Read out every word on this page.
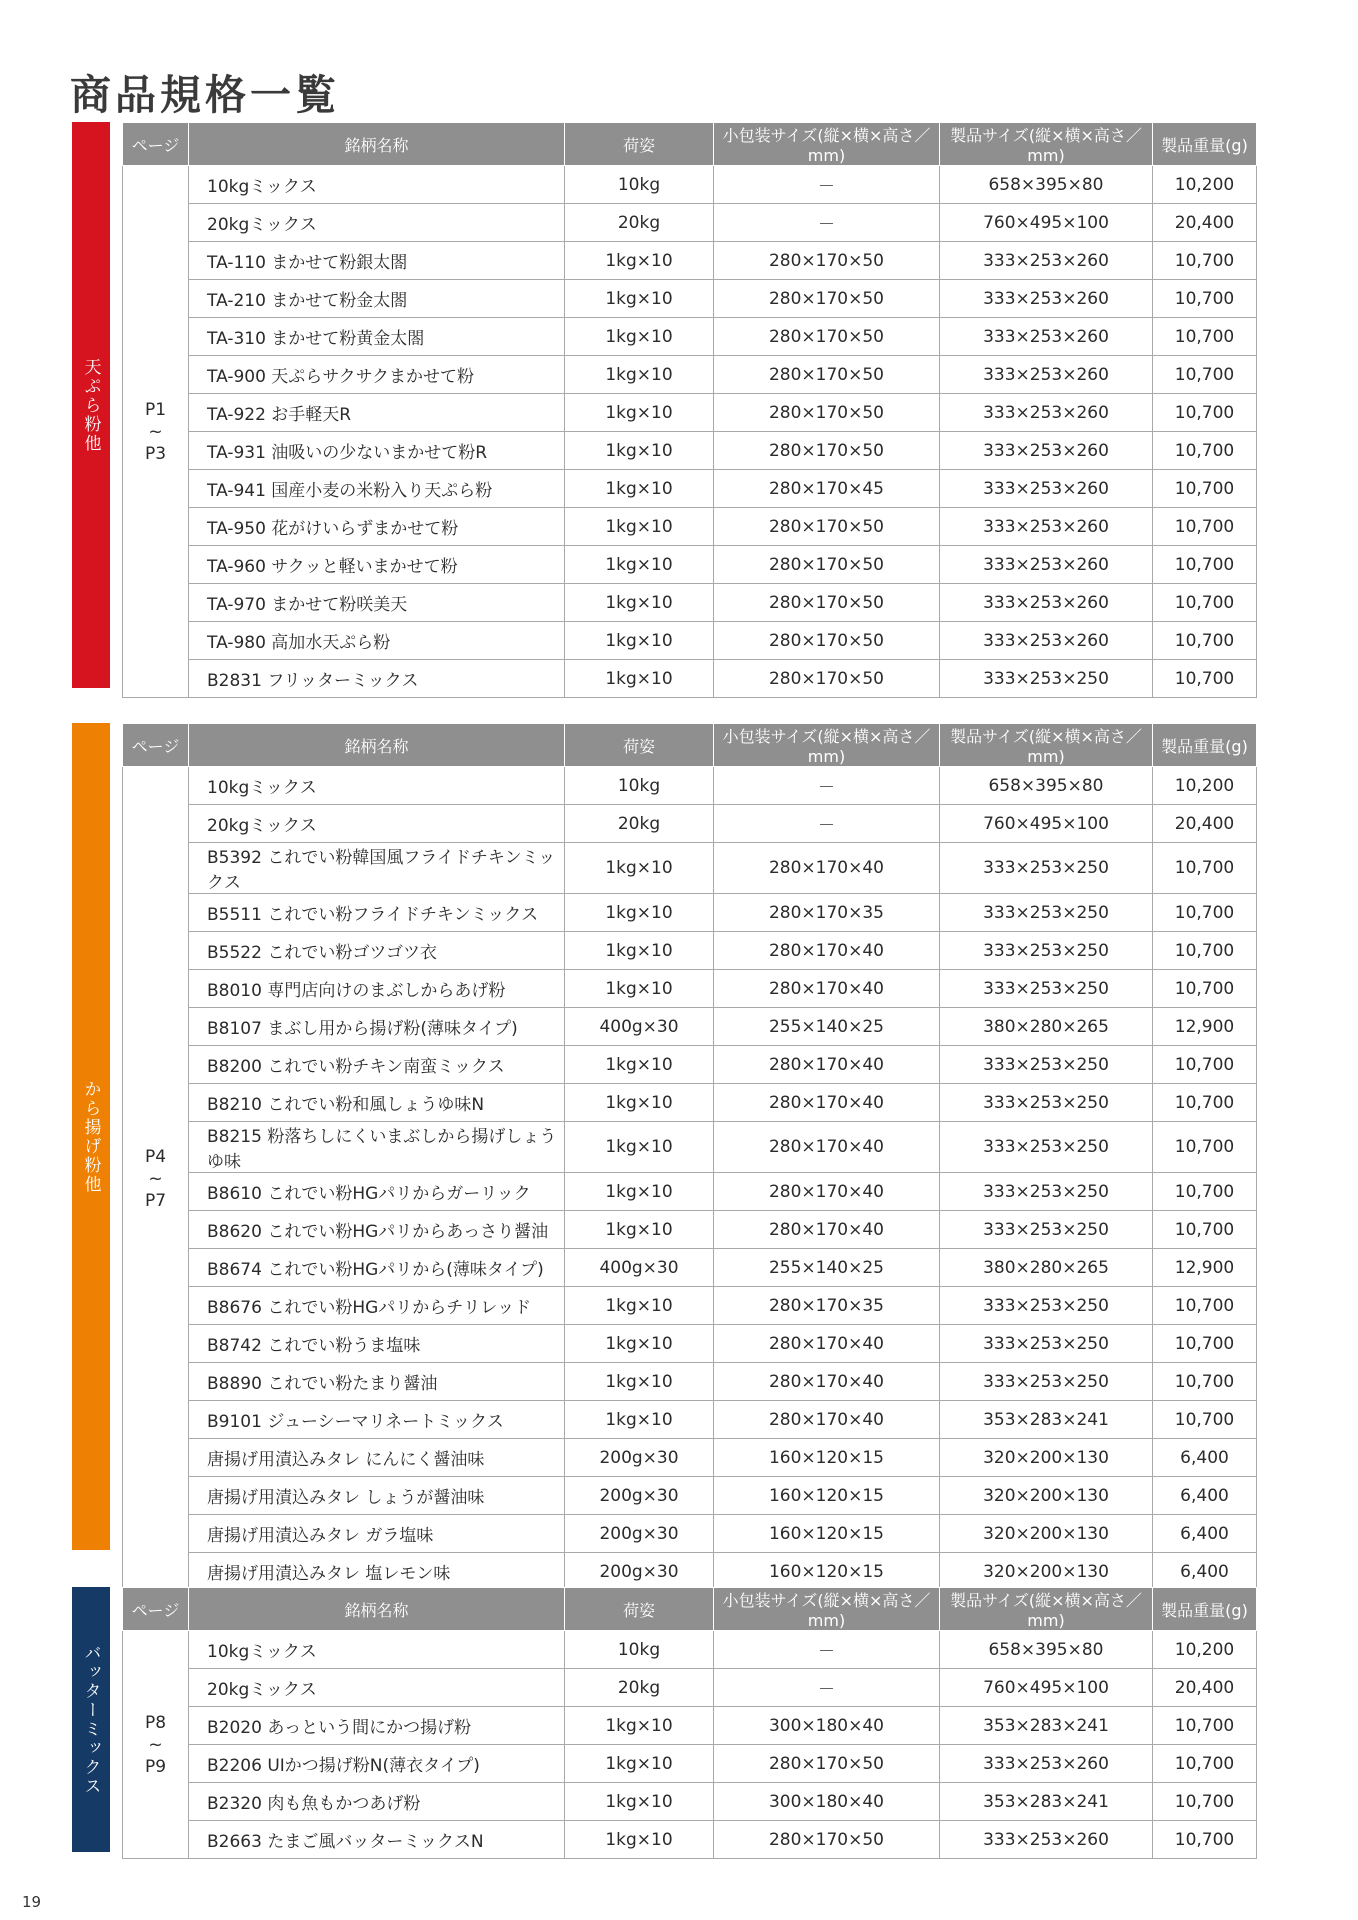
商品規格一覧
天ぷら粉他
ページ	銘柄名称	荷姿	小包装サイズ(縦×横×高さ／mm)	製品サイズ(縦×横×高さ／mm)	製品重量(g)

P1
~
P3	10kgミックス	10kg	－	658×395×80	10,200
	20kgミックス	20kg	－	760×495×100	20,400
	TA-110 まかせて粉銀太閤	1kg×10	280×170×50	333×253×260	10,700
	TA-210 まかせて粉金太閤	1kg×10	280×170×50	333×253×260	10,700
	TA-310 まかせて粉黄金太閤	1kg×10	280×170×50	333×253×260	10,700
	TA-900 天ぷらサクサクまかせて粉	1kg×10	280×170×50	333×253×260	10,700
	TA-922 お手軽天R	1kg×10	280×170×50	333×253×260	10,700
	TA-931 油吸いの少ないまかせて粉R	1kg×10	280×170×50	333×253×260	10,700
	TA-941 国産小麦の米粉入り天ぷら粉	1kg×10	280×170×45	333×253×260	10,700
	TA-950 花がけいらずまかせて粉	1kg×10	280×170×50	333×253×260	10,700
	TA-960 サクッと軽いまかせて粉	1kg×10	280×170×50	333×253×260	10,700
	TA-970 まかせて粉咲美天	1kg×10	280×170×50	333×253×260	10,700
	TA-980 高加水天ぷら粉	1kg×10	280×170×50	333×253×260	10,700
	B2831 フリッターミックス	1kg×10	280×170×50	333×253×250	10,700
から揚げ粉他
ページ	銘柄名称	荷姿	小包装サイズ(縦×横×高さ／mm)	製品サイズ(縦×横×高さ／mm)	製品重量(g)

P4
~
P7	10kgミックス	10kg	－	658×395×80	10,200
	20kgミックス	20kg	－	760×495×100	20,400
	B5392 これでい粉韓国風フライドチキンミックス	1kg×10	280×170×40	333×253×250	10,700
	B5511 これでい粉フライドチキンミックス	1kg×10	280×170×35	333×253×250	10,700
	B5522 これでい粉ゴツゴツ衣	1kg×10	280×170×40	333×253×250	10,700
	B8010 専門店向けのまぶしからあげ粉	1kg×10	280×170×40	333×253×250	10,700
	B8107 まぶし用から揚げ粉(薄味タイプ)	400g×30	255×140×25	380×280×265	12,900
	B8200 これでい粉チキン南蛮ミックス	1kg×10	280×170×40	333×253×250	10,700
	B8210 これでい粉和風しょうゆ味N	1kg×10	280×170×40	333×253×250	10,700
	B8215 粉落ちしにくいまぶしから揚げしょうゆ味	1kg×10	280×170×40	333×253×250	10,700
	B8610 これでい粉HGパリからガーリック	1kg×10	280×170×40	333×253×250	10,700
	B8620 これでい粉HGパリからあっさり醤油	1kg×10	280×170×40	333×253×250	10,700
	B8674 これでい粉HGパリから(薄味タイプ)	400g×30	255×140×25	380×280×265	12,900
	B8676 これでい粉HGパリからチリレッド	1kg×10	280×170×35	333×253×250	10,700
	B8742 これでい粉うま塩味	1kg×10	280×170×40	333×253×250	10,700
	B8890 これでい粉たまり醤油	1kg×10	280×170×40	333×253×250	10,700
	B9101 ジューシーマリネートミックス	1kg×10	280×170×40	353×283×241	10,700
	唐揚げ用漬込みタレ にんにく醤油味	200g×30	160×120×15	320×200×130	6,400
	唐揚げ用漬込みタレ しょうが醤油味	200g×30	160×120×15	320×200×130	6,400
	唐揚げ用漬込みタレ ガラ塩味	200g×30	160×120×15	320×200×130	6,400
	唐揚げ用漬込みタレ 塩レモン味	200g×30	160×120×15	320×200×130	6,400
バッターミックス
ページ	銘柄名称	荷姿	小包装サイズ(縦×横×高さ／mm)	製品サイズ(縦×横×高さ／mm)	製品重量(g)

P8
~
P9	10kgミックス	10kg	－	658×395×80	10,200
	20kgミックス	20kg	－	760×495×100	20,400
	B2020 あっという間にかつ揚げ粉	1kg×10	300×180×40	353×283×241	10,700
	B2206 UIかつ揚げ粉N(薄衣タイプ)	1kg×10	280×170×50	333×253×260	10,700
	B2320 肉も魚もかつあげ粉	1kg×10	300×180×40	353×283×241	10,700
	B2663 たまご風バッターミックスN	1kg×10	280×170×50	333×253×260	10,700
19
